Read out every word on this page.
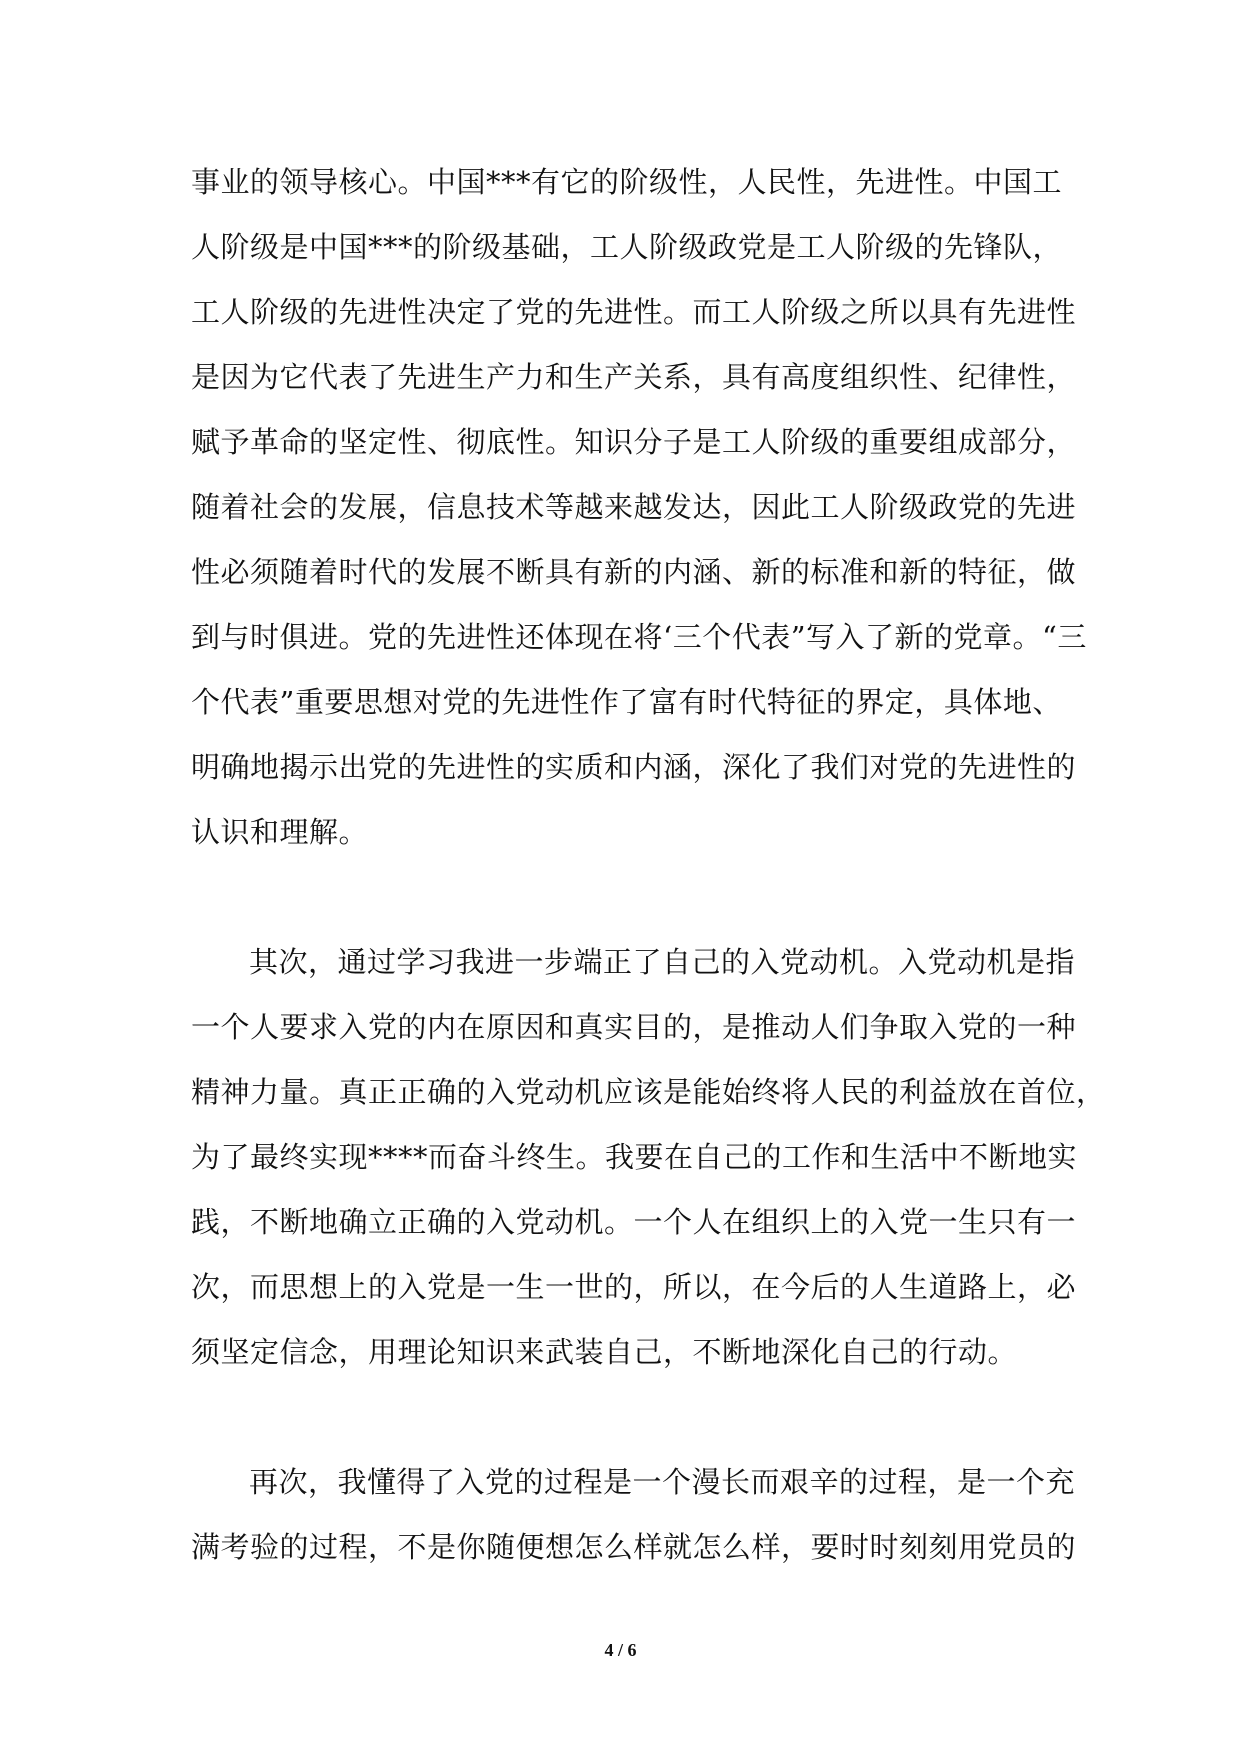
事业的领导核心。中国***有它的阶级性，人民性，先进性。中国工
人阶级是中国***的阶级基础，工人阶级政党是工人阶级的先锋队，
工人阶级的先进性决定了党的先进性。而工人阶级之所以具有先进性
是因为它代表了先进生产力和生产关系，具有高度组织性、纪律性，
赋予革命的坚定性、彻底性。知识分子是工人阶级的重要组成部分，
随着社会的发展，信息技术等越来越发达，因此工人阶级政党的先进
性必须随着时代的发展不断具有新的内涵、新的标准和新的特征，做
到与时俱进。党的先进性还体现在将‘三个代表”写入了新的党章。“三
个代表”重要思想对党的先进性作了富有时代特征的界定，具体地、
明确地揭示出党的先进性的实质和内涵，深化了我们对党的先进性的
认识和理解。
其次，通过学习我进一步端正了自己的入党动机。入党动机是指
一个人要求入党的内在原因和真实目的，是推动人们争取入党的一种
精神力量。真正正确的入党动机应该是能始终将人民的利益放在首位，
为了最终实现****而奋斗终生。我要在自己的工作和生活中不断地实
践，不断地确立正确的入党动机。一个人在组织上的入党一生只有一
次，而思想上的入党是一生一世的，所以，在今后的人生道路上，必
须坚定信念，用理论知识来武装自己，不断地深化自己的行动。
再次，我懂得了入党的过程是一个漫长而艰辛的过程，是一个充
满考验的过程，不是你随便想怎么样就怎么样，要时时刻刻用党员的
4 / 6
